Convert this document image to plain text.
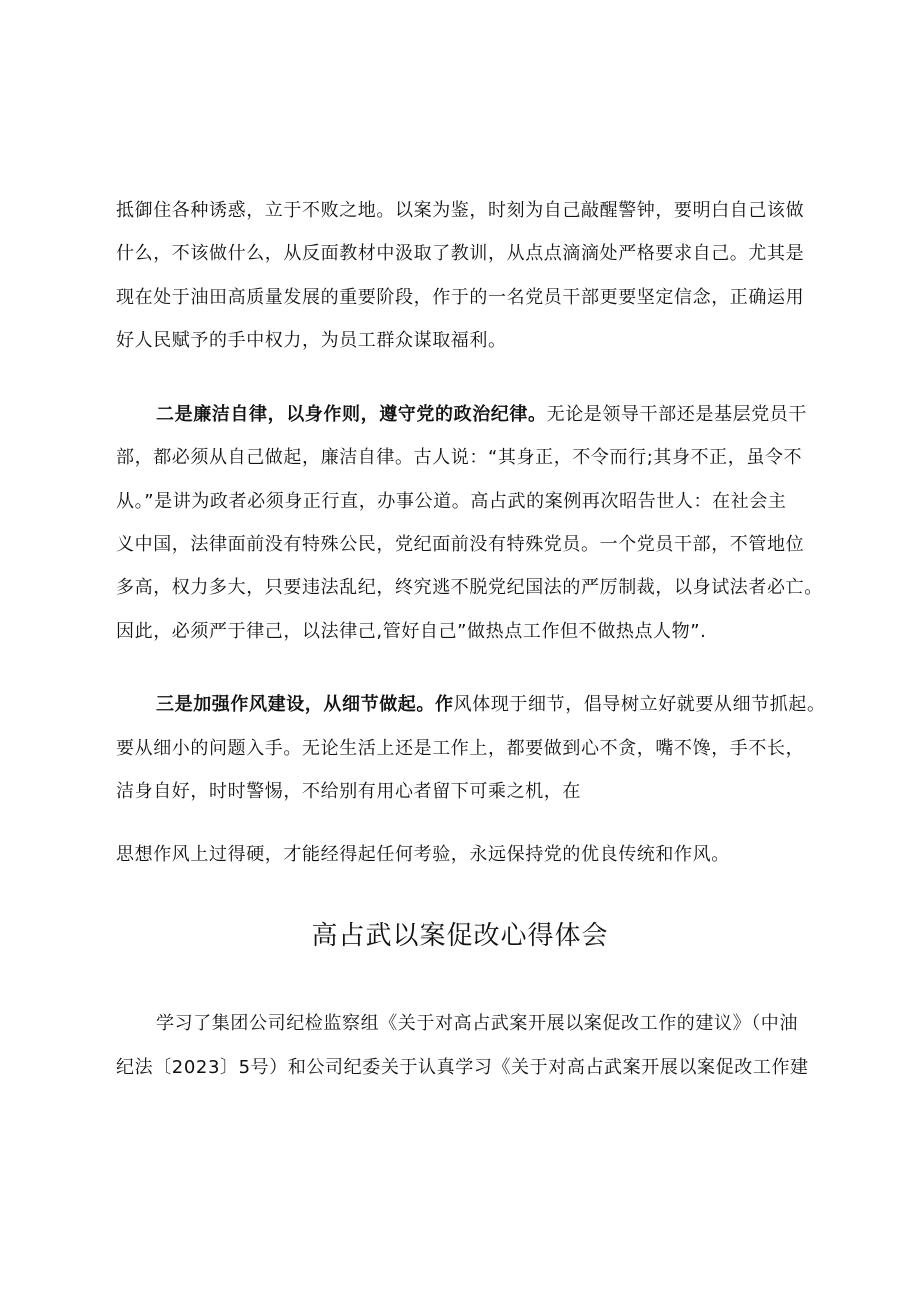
抵御住各种诱惑，立于不败之地。以案为鉴，时刻为自己敲醒警钟，要明白自己该做
什么，不该做什么，从反面教材中汲取了教训，从点点滴滴处严格要求自己。尤其是
现在处于油田高质量发展的重要阶段，作于的一名党员干部更要坚定信念，正确运用
好人民赋予的手中权力，为员工群众谋取福利。
二是廉洁自律，以身作则，遵守党的政治纪律。无论是领导干部还是基层党员干
部，都必须从自己做起，廉洁自律。古人说：“其身正，不令而行;其身不正，虽令不
从。”是讲为政者必须身正行直，办事公道。高占武的案例再次昭告世人：在社会主
义中国，法律面前没有特殊公民，党纪面前没有特殊党员。一个党员干部，不管地位
多高，权力多大，只要违法乱纪，终究逃不脱党纪国法的严厉制裁，以身试法者必亡。
因此，必须严于律己，以法律己,管好自己”做热点工作但不做热点人物”.
三是加强作风建设，从细节做起。作风体现于细节，倡导树立好就要从细节抓起。
要从细小的问题入手。无论生活上还是工作上，都要做到心不贪，嘴不馋，手不长，
洁身自好，时时警惕，不给别有用心者留下可乘之机，在
思想作风上过得硬，才能经得起任何考验，永远保持党的优良传统和作风。
高占武以案促改心得体会
学习了集团公司纪检监察组《关于对高占武案开展以案促改工作的建议》（中油
纪法〔2023〕5号）和公司纪委关于认真学习《关于对高占武案开展以案促改工作建
